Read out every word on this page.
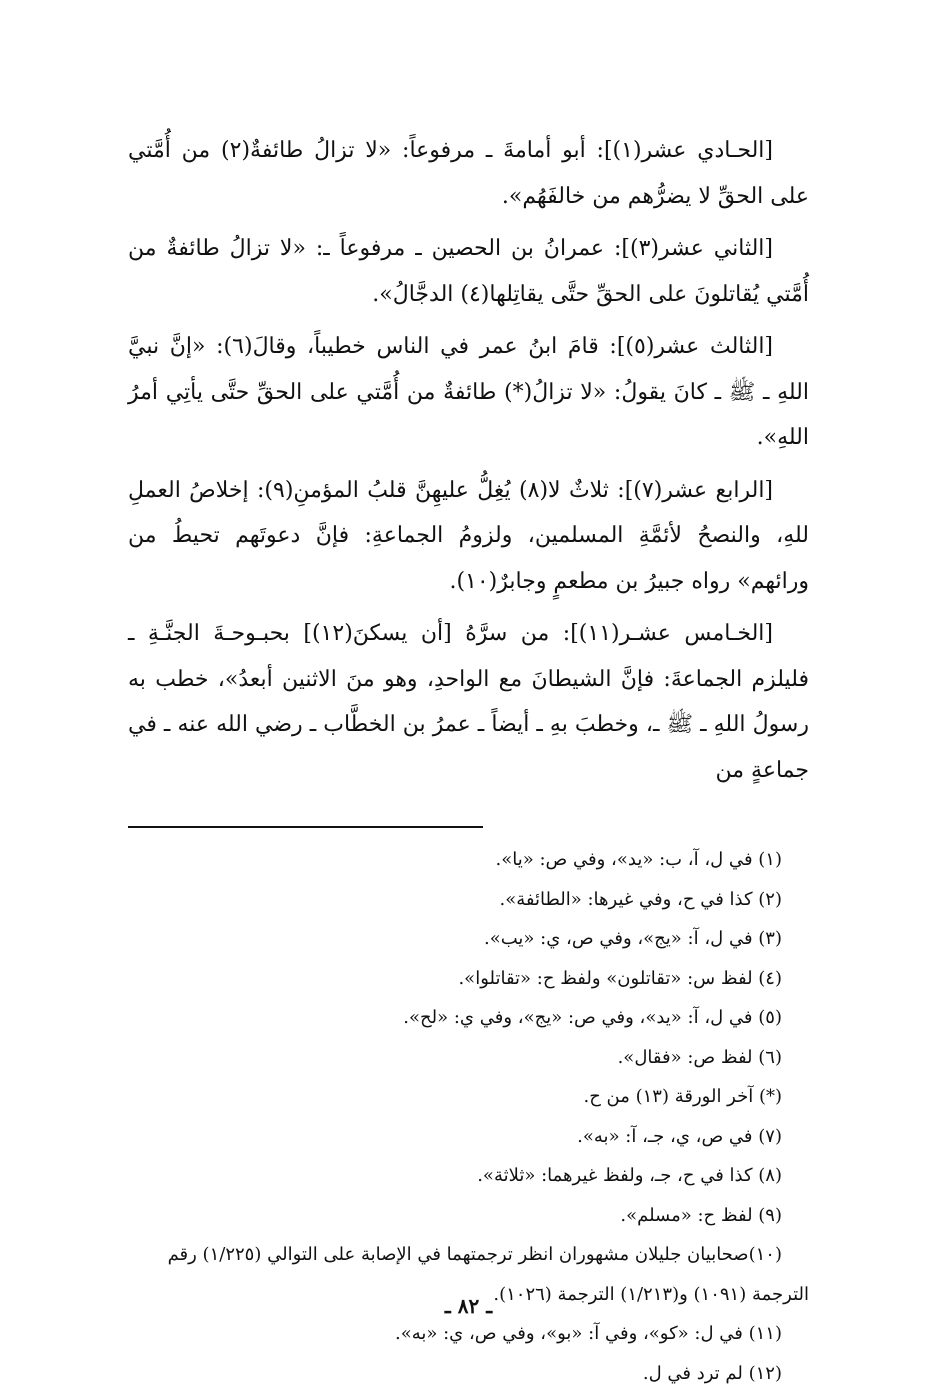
[الحـادي عشر(١)]: أبو أمامةَ ـ مرفوعاً: «لا تزالُ طائفةٌ(٢) من أُمَّتي على الحقِّ لا يضرُّهم من خالفَهُم».

[الثاني عشر(٣)]: عمرانُ بن الحصين ـ مرفوعاً ـ: «لا تزالُ طائفةٌ من أُمَّتي يُقاتلونَ على الحقِّ حتَّى يقاتِلها(٤) الدجَّالُ».

[الثالث عشر(٥)]: قامَ ابنُ عمر في الناس خطيباً، وقالَ(٦): «إنَّ نبيَّ اللهِ ـ ﷺ ـ كانَ يقولُ: «لا تزالُ(*) طائفةٌ من أُمَّتي على الحقِّ حتَّى يأتِي أمرُ اللهِ».

[الرابع عشر(٧)]: ثلاثٌ لا(٨) يُغِلُّ عليهِنَّ قلبُ المؤمنِ(٩): إخلاصُ العملِ للهِ، والنصحُ لأئمَّةِ المسلمين، ولزومُ الجماعةِ: فإنَّ دعوتَهم تحيطُ من ورائهم» رواه جبيرُ بن مطعمٍ وجابرٌ(١٠).

[الخـامس عشـر(١١)]: من سرَّهُ [أن يسكنَ(١٢)] بحبـوحـةَ الجنَّـةِ ـ فليلزم الجماعةَ: فإنَّ الشيطانَ مع الواحدِ، وهو منَ الاثنين أبعدُ»، خطب به رسولُ اللهِ ـ ﷺ ـ، وخطبَ بهِ ـ أيضاً ـ عمرُ بن الخطَّاب ـ رضي الله عنه ـ في جماعةٍ من

(١) في ل، آ، ب: «يد»، وفي ص: «يا».

(٢) كذا في ح، وفي غيرها: «الطائفة».

(٣) في ل، آ: «يج»، وفي ص، ي: «يب».

(٤) لفظ س: «تقاتلون» ولفظ ح: «تقاتلوا».

(٥) في ل، آ: «يد»، وفي ص: «يج»، وفي ي: «لح».

(٦) لفظ ص: «فقال».

(*) آخر الورقة (١٣) من ح.

(٧) في ص، ي، جـ، آ: «به».

(٨) كذا في ح، جـ، ولفظ غيرهما: «ثلاثة».

(٩) لفظ ح: «مسلم».

(١٠)صحابيان جليلان مشهوران انظر ترجمتهما في الإصابة على التوالي (١/٢٢٥) رقم الترجمة (١٠٩١) و(١/٢١٣) الترجمة (١٠٢٦).

(١١) في ل: «كو»، وفي آ: «بو»، وفي ص، ي: «به».

(١٢) لم ترد في ل.

ـ ٨٢ ـ
